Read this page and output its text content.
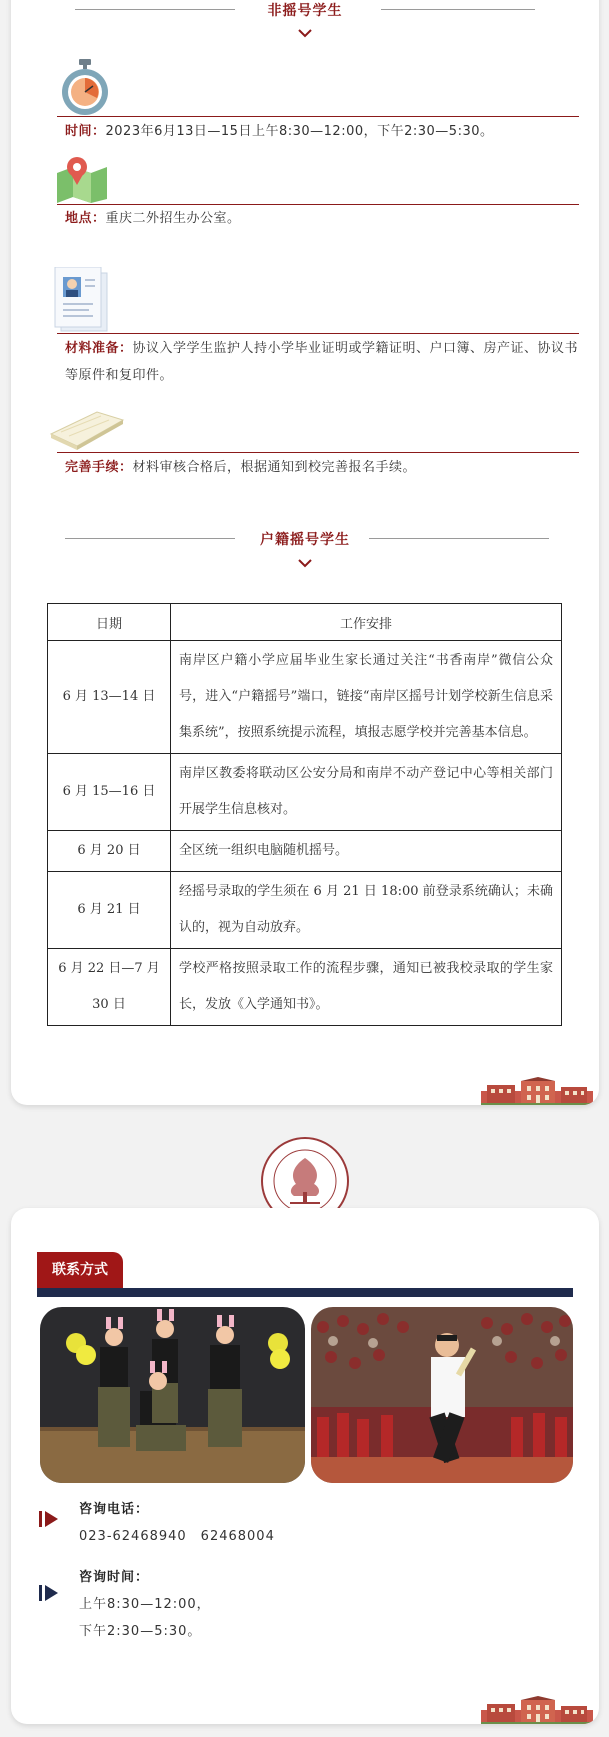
非摇号学生
时间：2023年6月13日—15日上午8:30—12:00，下午2:30—5:30。
地点：重庆二外招生办公室。
材料准备：协议入学学生监护人持小学毕业证明或学籍证明、户口簿、房产证、协议书等原件和复印件。
完善手续：材料审核合格后，根据通知到校完善报名手续。
户籍摇号学生
日期	工作安排
6 月 13—14 日	南岸区户籍小学应届毕业生家长通过关注“书香南岸”微信公众号，进入“户籍摇号”端口，链接“南岸区摇号计划学校新生信息采集系统”，按照系统提示流程，填报志愿学校并完善基本信息。
6 月 15—16 日	南岸区教委将联动区公安分局和南岸不动产登记中心等相关部门开展学生信息核对。
6 月 20 日	全区统一组织电脑随机摇号。
6 月 21 日	经摇号录取的学生须在 6 月 21 日 18:00 前登录系统确认；未确认的，视为自动放弃。
6 月 22 日—7 月 30 日	学校严格按照录取工作的流程步骤，通知已被我校录取的学生家长，发放《入学通知书》。
联系方式
咨询电话：
023-62468940　62468004
咨询时间：
上午8:30—12:00，
下午2:30—5:30。
